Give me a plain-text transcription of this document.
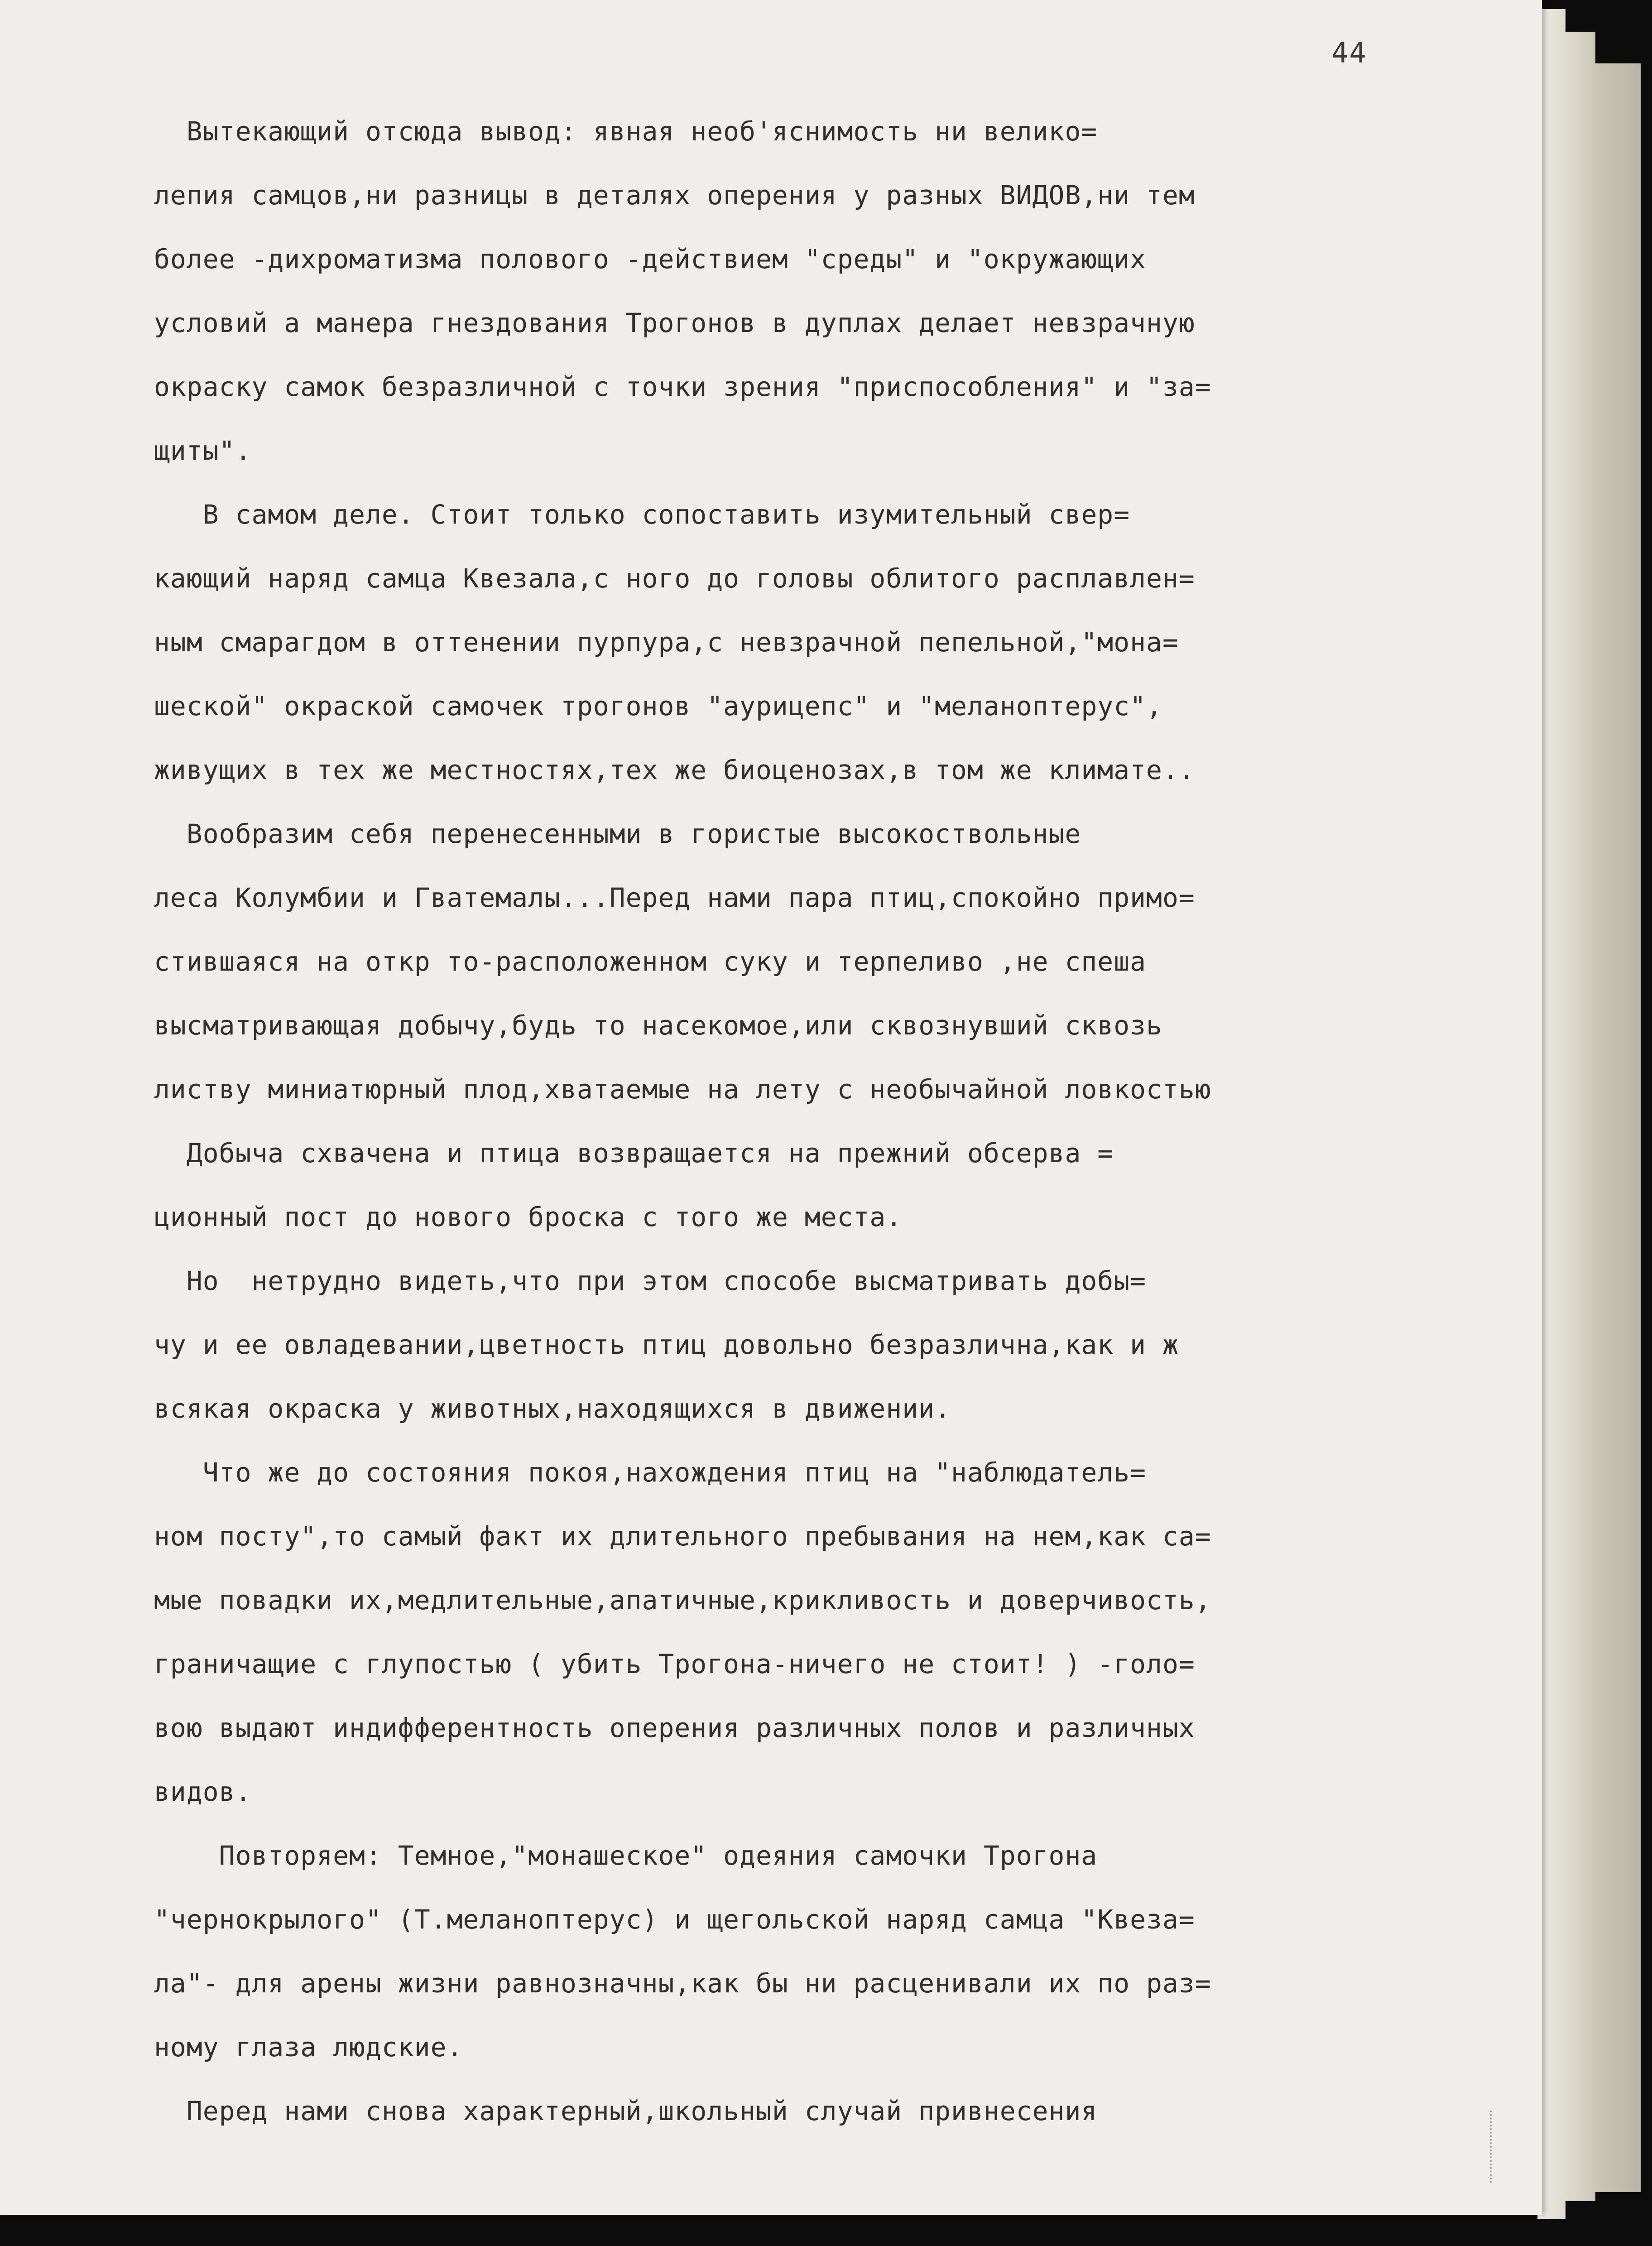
44
Вытекающий отсюда вывод: явная необ'яснимость ни велико=
лепия самцов,ни разницы в деталях оперения у разных ВИДОВ,ни тем
более -дихроматизма полового -действием "среды" и "окружающих
условий а манера гнездования Трогонов в дуплах делает невзрачную
окраску самок безразличной с точки зрения "приспособления" и "за=
щиты".
В самом деле. Стоит только сопоставить изумительный свер=
кающий наряд самца Квезала,с ного до головы облитого расплавлен=
ным смарагдом в оттенении пурпура,с невзрачной пепельной,"мона=
шеской" окраской самочек трогонов "аурицепс" и "меланоптерус",
живущих в тех же местностях,тех же биоценозах,в том же климате..
Вообразим себя перенесенными в гористые высокоствольные
леса Колумбии и Гватемалы...Перед нами пара птиц,спокойно примо=
стившаяся на откр то-расположенном суку и терпеливо ,не спеша
высматривающая добычу,будь то насекомое,или сквознувший сквозь
листву миниатюрный плод,хватаемые на лету с необычайной ловкостью
Добыча схвачена и птица возвращается на прежний обсерва =
ционный пост до нового броска с того же места.
Но  нетрудно видеть,что при этом способе высматривать добы=
чу и ее овладевании,цветность птиц довольно безразлична,как и ж
всякая окраска у животных,находящихся в движении.
Что же до состояния покоя,нахождения птиц на "наблюдатель=
ном посту",то самый факт их длительного пребывания на нем,как са=
мые повадки их,медлительные,апатичные,крикливость и доверчивость,
граничащие с глупостью ( убить Трогона-ничего не стоит! ) -голо=
вою выдают индифферентность оперения различных полов и различных
видов.
Повторяем: Темное,"монашеское" одеяния самочки Трогона
"чернокрылого" (Т.меланоптерус) и щегольской наряд самца "Квеза=
ла"- для арены жизни равнозначны,как бы ни расценивали их по раз=
ному глаза людские.
Перед нами снова характерный,школьный случай привнесения
